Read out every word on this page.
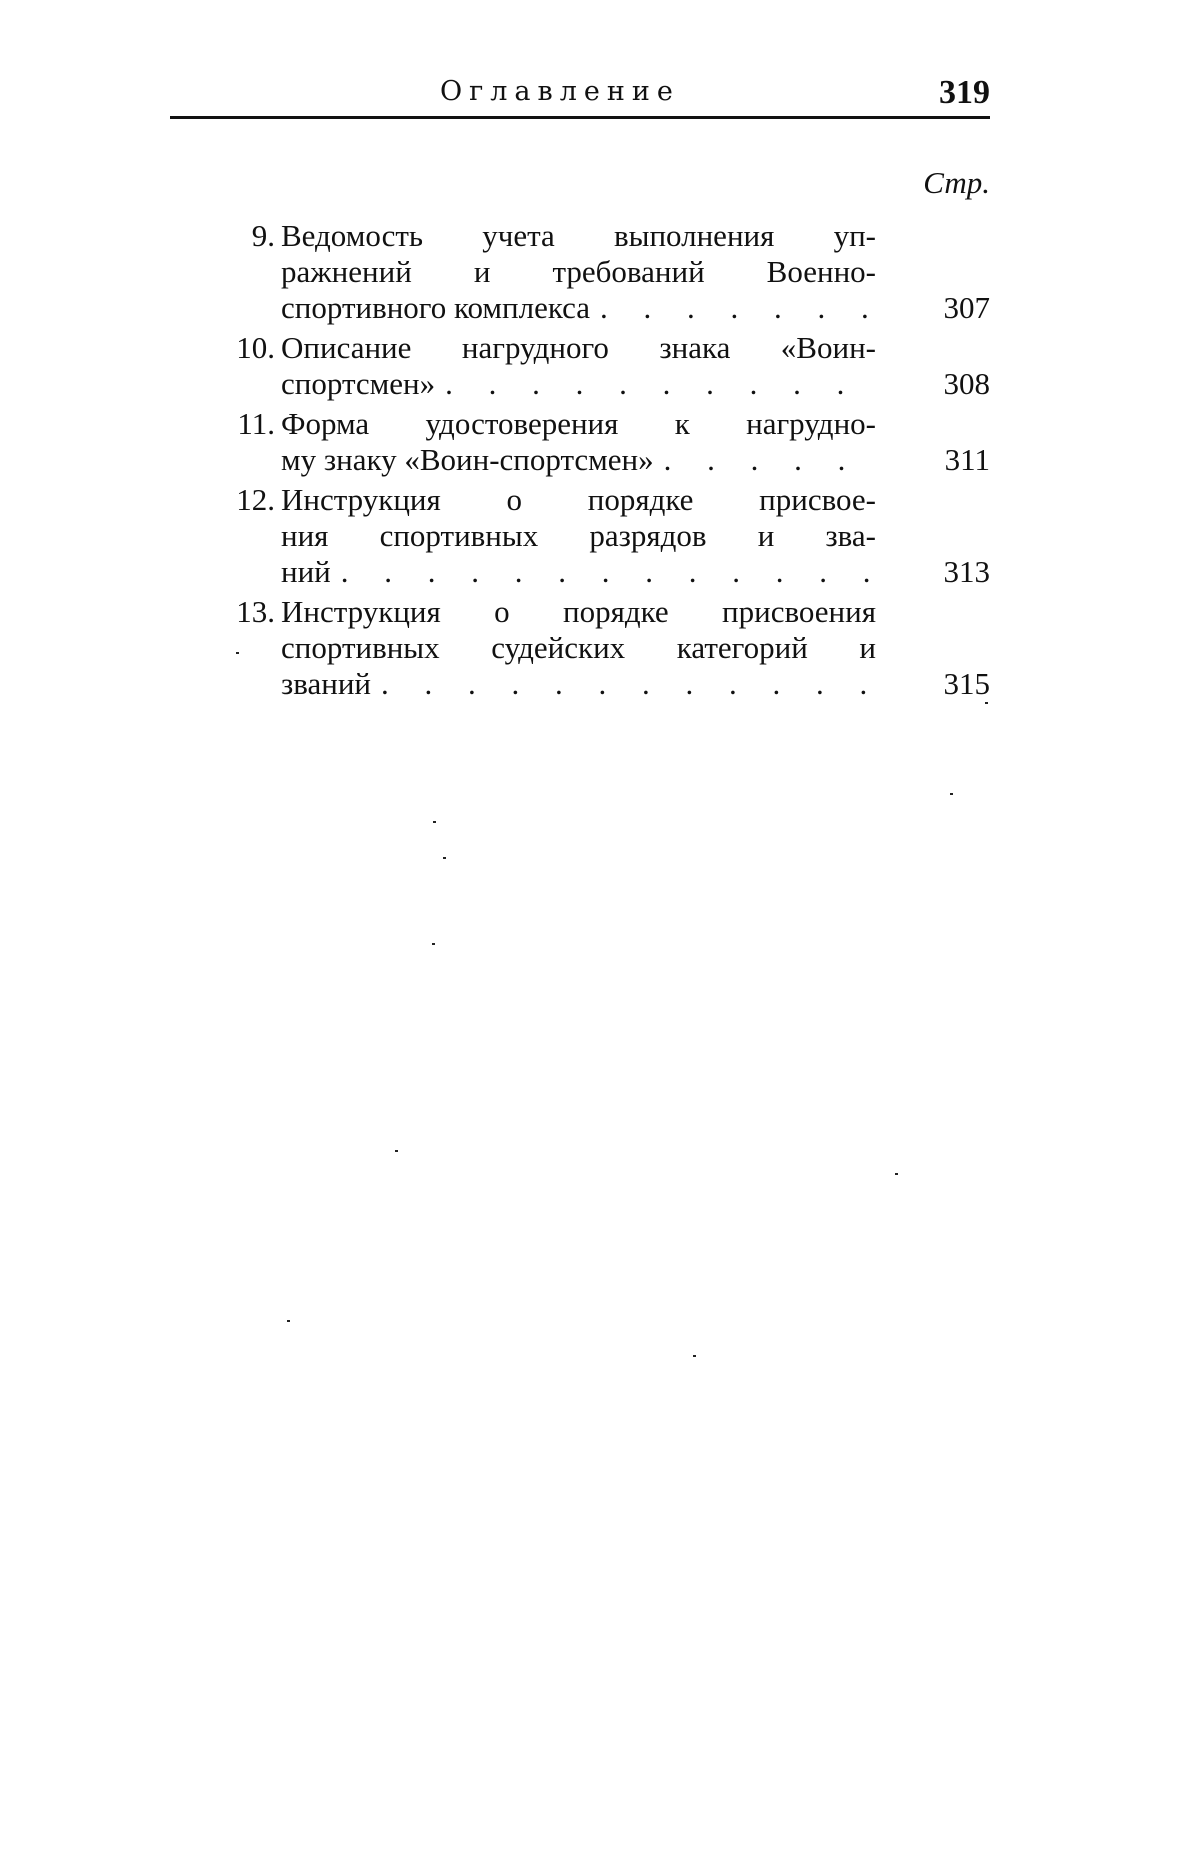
Оглавление	319
Стр.
9. Ведомость учета выполнения уп-
ражнений и требований Военно-
спортивного комплекса . . .	307
10. Описание нагрудного знака «Воин-
спортсмен» . . .	308
11. Форма удостоверения к нагрудно-
му знаку «Воин-спортсмен» . . .	311
12. Инструкция о порядке присвое-
ния спортивных разрядов и зва-
ний . . .	313
13. Инструкция о порядке присвоения
спортивных судейских категорий и
званий . . .	315
